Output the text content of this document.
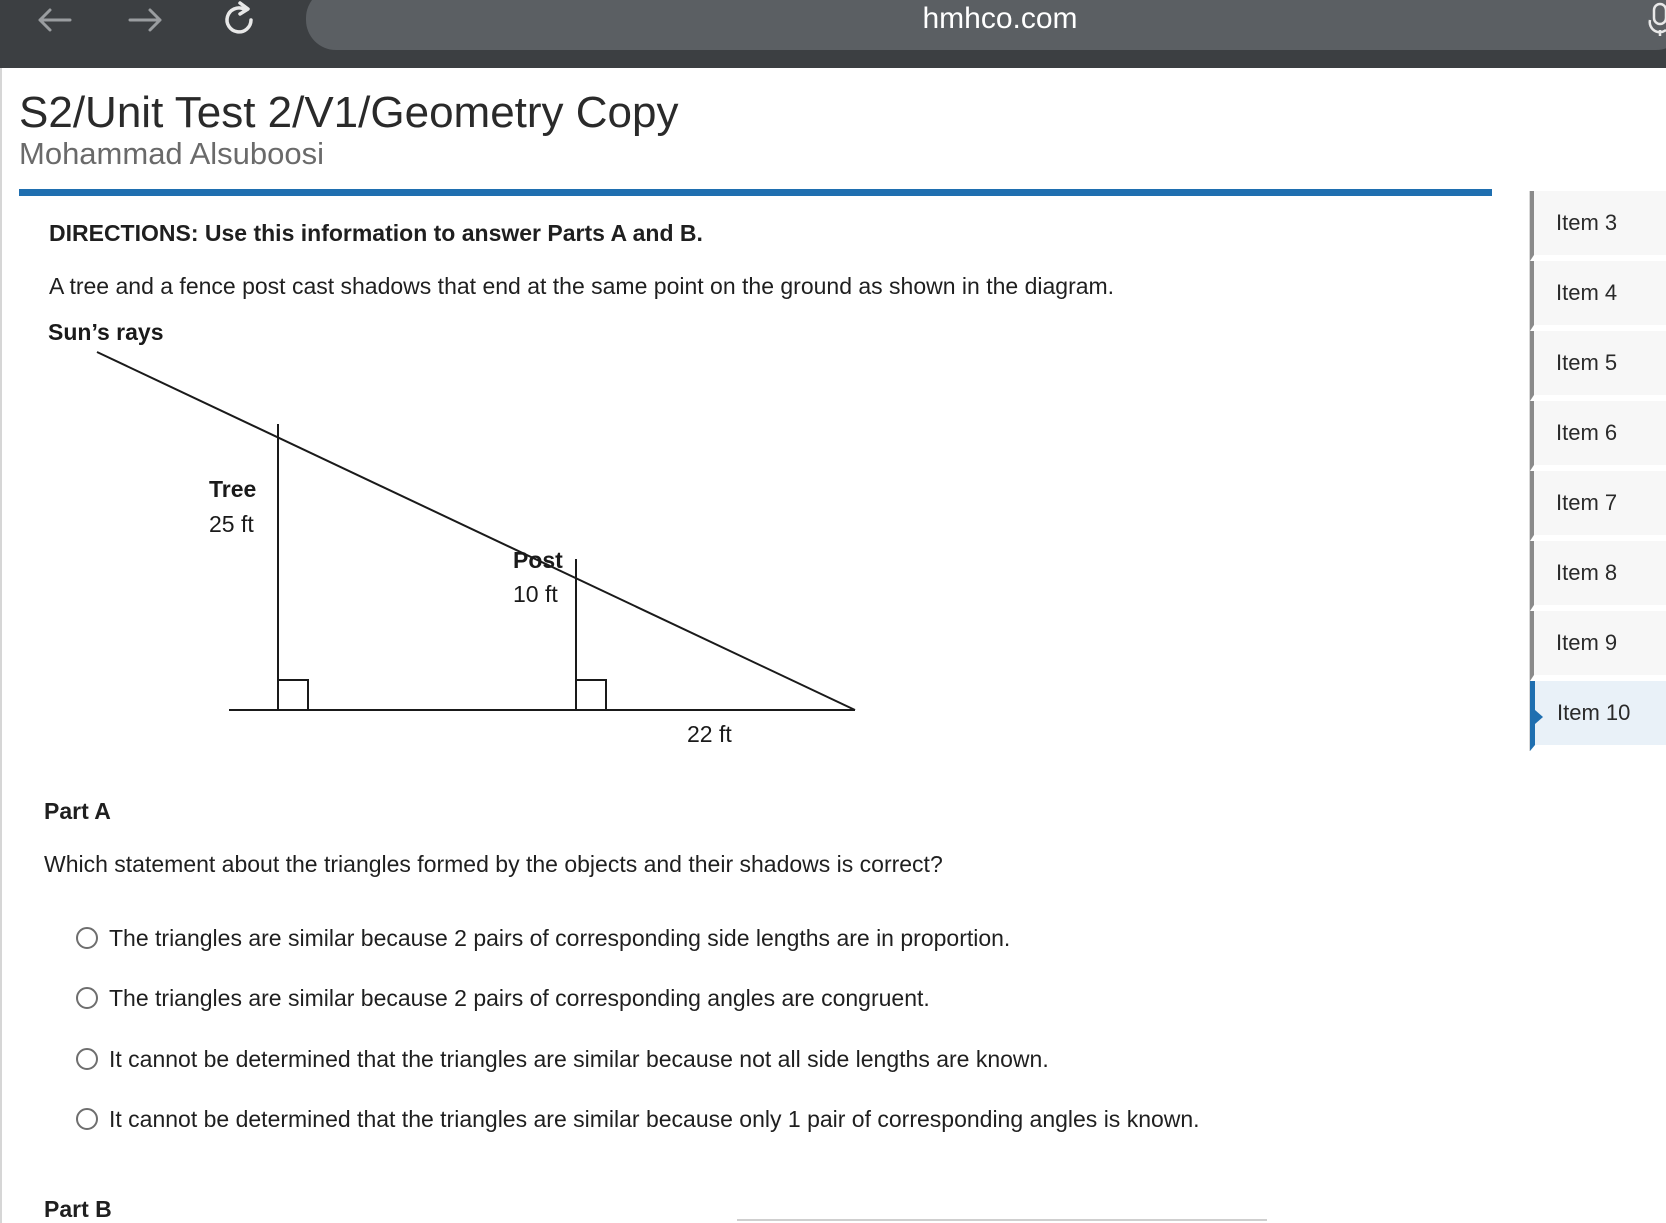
hmhco.com
S2/Unit Test 2/V1/Geometry Copy
Mohammad Alsuboosi
DIRECTIONS: Use this information to answer Parts A and B.
A tree and a fence post cast shadows that end at the same point on the ground as shown in the diagram.
Sun’s rays
Tree
25 ft
Post
10 ft
22 ft
Part A
Which statement about the triangles formed by the objects and their shadows is correct?
The triangles are similar because 2 pairs of corresponding side lengths are in proportion.
The triangles are similar because 2 pairs of corresponding angles are congruent.
It cannot be determined that the triangles are similar because not all side lengths are known.
It cannot be determined that the triangles are similar because only 1 pair of corresponding angles is known.
Part B
Item 3
Item 4
Item 5
Item 6
Item 7
Item 8
Item 9
Item 10
